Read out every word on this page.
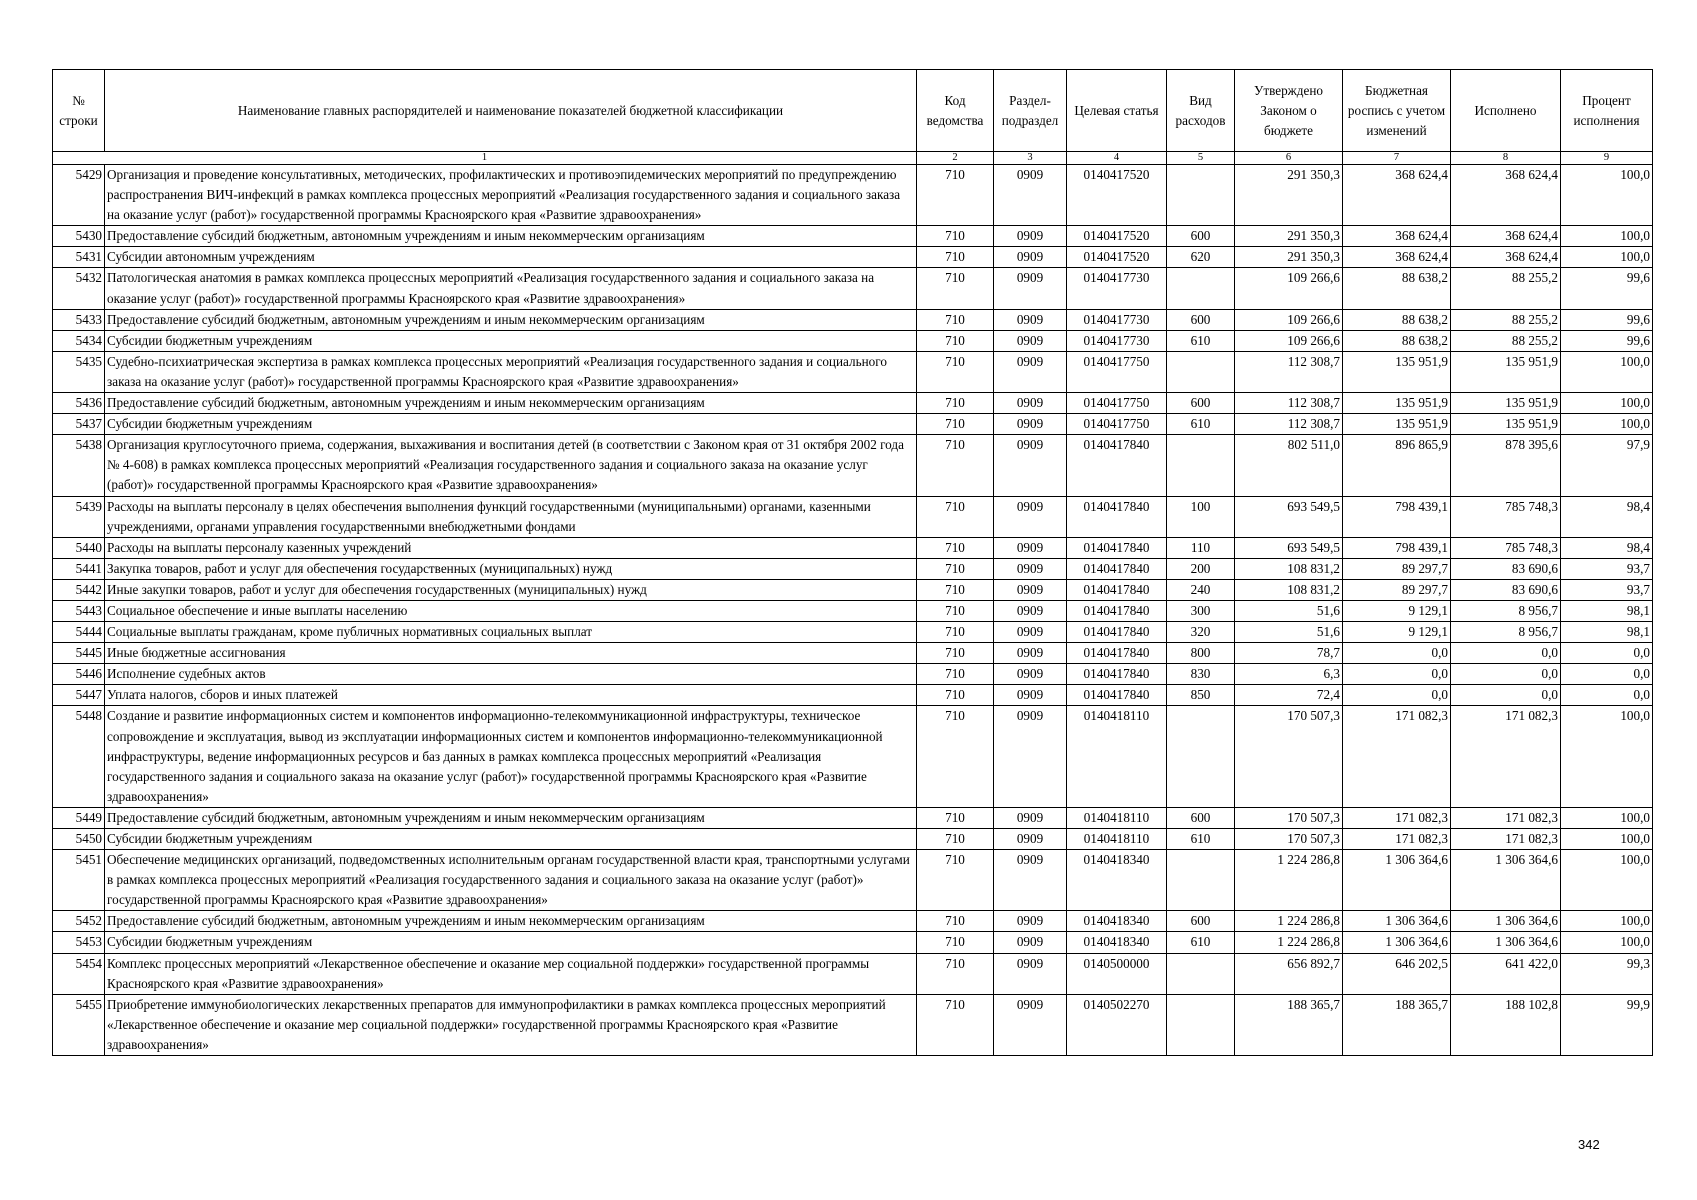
№ строки	Наименование главных распорядителей и наименование показателей бюджетной классификации	Код ведомства	Раздел-подраздел	Целевая статья	Вид расходов	Утверждено Законом о бюджете	Бюджетная роспись с учетом изменений	Исполнено	Процент исполнения
1		2	3	4	5	6	7	8	9
5429	Организация и проведение консультативных, методических, профилактических и противоэпидемических мероприятий по предупреждению распространения ВИЧ-инфекций в рамках комплекса процессных мероприятий «Реализация государственного задания и социального заказа на оказание услуг (работ)» государственной программы Красноярского края «Развитие здравоохранения»	710	0909	0140417520		291 350,3	368 624,4	368 624,4	100,0
5430	Предоставление субсидий бюджетным, автономным учреждениям и иным некоммерческим организациям	710	0909	0140417520	600	291 350,3	368 624,4	368 624,4	100,0
5431	Субсидии автономным учреждениям	710	0909	0140417520	620	291 350,3	368 624,4	368 624,4	100,0
5432	Патологическая анатомия в рамках комплекса процессных мероприятий «Реализация государственного задания и социального заказа на оказание услуг (работ)» государственной программы Красноярского края «Развитие здравоохранения»	710	0909	0140417730		109 266,6	88 638,2	88 255,2	99,6
5433	Предоставление субсидий бюджетным, автономным учреждениям и иным некоммерческим организациям	710	0909	0140417730	600	109 266,6	88 638,2	88 255,2	99,6
5434	Субсидии бюджетным учреждениям	710	0909	0140417730	610	109 266,6	88 638,2	88 255,2	99,6
5435	Судебно-психиатрическая экспертиза в рамках комплекса процессных мероприятий «Реализация государственного задания и социального заказа на оказание услуг (работ)» государственной программы Красноярского края «Развитие здравоохранения»	710	0909	0140417750		112 308,7	135 951,9	135 951,9	100,0
5436	Предоставление субсидий бюджетным, автономным учреждениям и иным некоммерческим организациям	710	0909	0140417750	600	112 308,7	135 951,9	135 951,9	100,0
5437	Субсидии бюджетным учреждениям	710	0909	0140417750	610	112 308,7	135 951,9	135 951,9	100,0
5438	Организация круглосуточного приема, содержания, выхаживания и воспитания детей (в соответствии с Законом края от 31 октября 2002 года № 4-608) в рамках комплекса процессных мероприятий «Реализация государственного задания и социального заказа на оказание услуг (работ)» государственной программы Красноярского края «Развитие здравоохранения»	710	0909	0140417840		802 511,0	896 865,9	878 395,6	97,9
5439	Расходы на выплаты персоналу в целях обеспечения выполнения функций государственными (муниципальными) органами, казенными учреждениями, органами управления государственными внебюджетными фондами	710	0909	0140417840	100	693 549,5	798 439,1	785 748,3	98,4
5440	Расходы на выплаты персоналу казенных учреждений	710	0909	0140417840	110	693 549,5	798 439,1	785 748,3	98,4
5441	Закупка товаров, работ и услуг для обеспечения государственных (муниципальных) нужд	710	0909	0140417840	200	108 831,2	89 297,7	83 690,6	93,7
5442	Иные закупки товаров, работ и услуг для обеспечения государственных (муниципальных) нужд	710	0909	0140417840	240	108 831,2	89 297,7	83 690,6	93,7
5443	Социальное обеспечение и иные выплаты населению	710	0909	0140417840	300	51,6	9 129,1	8 956,7	98,1
5444	Социальные выплаты гражданам, кроме публичных нормативных социальных выплат	710	0909	0140417840	320	51,6	9 129,1	8 956,7	98,1
5445	Иные бюджетные ассигнования	710	0909	0140417840	800	78,7	0,0	0,0	0,0
5446	Исполнение судебных актов	710	0909	0140417840	830	6,3	0,0	0,0	0,0
5447	Уплата налогов, сборов и иных платежей	710	0909	0140417840	850	72,4	0,0	0,0	0,0
5448	Создание и развитие информационных систем и компонентов информационно-телекоммуникационной инфраструктуры, техническое сопровождение и эксплуатация, вывод из эксплуатации информационных систем и компонентов информационно-телекоммуникационной инфраструктуры, ведение информационных ресурсов и баз данных в рамках комплекса процессных мероприятий «Реализация государственного задания и социального заказа на оказание услуг (работ)» государственной программы Красноярского края «Развитие здравоохранения»	710	0909	0140418110		170 507,3	171 082,3	171 082,3	100,0
5449	Предоставление субсидий бюджетным, автономным учреждениям и иным некоммерческим организациям	710	0909	0140418110	600	170 507,3	171 082,3	171 082,3	100,0
5450	Субсидии бюджетным учреждениям	710	0909	0140418110	610	170 507,3	171 082,3	171 082,3	100,0
5451	Обеспечение медицинских организаций, подведомственных исполнительным органам государственной власти края, транспортными услугами в рамках комплекса процессных мероприятий «Реализация государственного задания и социального заказа на оказание услуг (работ)» государственной программы Красноярского края «Развитие здравоохранения»	710	0909	0140418340		1 224 286,8	1 306 364,6	1 306 364,6	100,0
5452	Предоставление субсидий бюджетным, автономным учреждениям и иным некоммерческим организациям	710	0909	0140418340	600	1 224 286,8	1 306 364,6	1 306 364,6	100,0
5453	Субсидии бюджетным учреждениям	710	0909	0140418340	610	1 224 286,8	1 306 364,6	1 306 364,6	100,0
5454	Комплекс процессных мероприятий «Лекарственное обеспечение и оказание мер социальной поддержки» государственной программы Красноярского края «Развитие здравоохранения»	710	0909	0140500000		656 892,7	646 202,5	641 422,0	99,3
5455	Приобретение иммунобиологических лекарственных препаратов для иммунопрофилактики в рамках комплекса процессных мероприятий «Лекарственное обеспечение и оказание мер социальной поддержки» государственной программы Красноярского края «Развитие здравоохранения»	710	0909	0140502270		188 365,7	188 365,7	188 102,8	99,9
342
